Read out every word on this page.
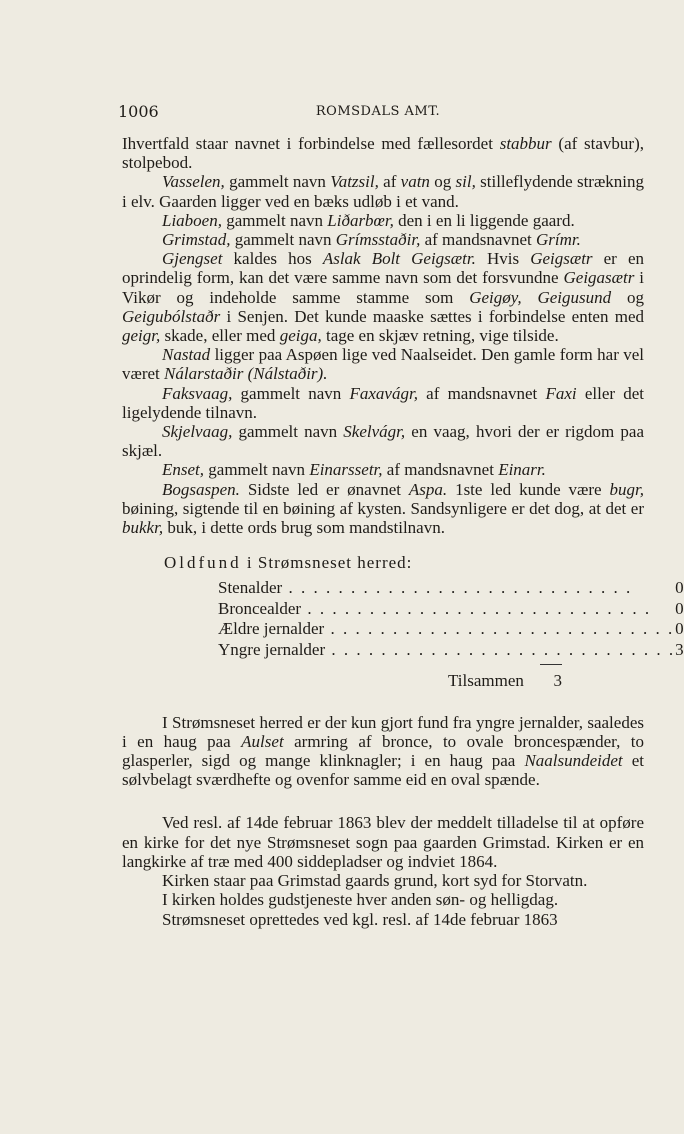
1006	ROMSDALS AMT.

Ihvertfald staar navnet i forbindelse med fællesordet stabbur (af stavbur), stolpebod.

Vasselen, gammelt navn Vatzsil, af vatn og sil, stilleflydende strækning i elv. Gaarden ligger ved en bæks udløb i et vand.

Liaboen, gammelt navn Liðarbœr, den i en li liggende gaard.

Grimstad, gammelt navn Grímsstaðir, af mandsnavnet Grímr.

Gjengset kaldes hos Aslak Bolt Geigsætr. Hvis Geigsætr er en oprindelig form, kan det være samme navn som det forsvundne Geigasætr i Vikør og indeholde samme stamme som Geigøy, Geigusund og Geigubólstaðr i Senjen. Det kunde maaske sættes i forbindelse enten med geigr, skade, eller med geiga, tage en skjæv retning, vige tilside.

Nastad ligger paa Aspøen lige ved Naalseidet. Den gamle form har vel været Nálarstaðir (Nálstaðir).

Faksvaag, gammelt navn Faxavágr, af mandsnavnet Faxi eller det ligelydende tilnavn.

Skjelvaag, gammelt navn Skelvágr, en vaag, hvori der er rigdom paa skjæl.

Enset, gammelt navn Einarssetr, af mandsnavnet Einarr.

Bogsaspen. Sidste led er ønavnet Aspa. 1ste led kunde være bugr, bøining, sigtende til en bøining af kysten. Sandsynligere er det dog, at det er bukkr, buk, i dette ords brug som mandstilnavn.

Oldfund i Strømsneset herred:
Stenalder . . .	0
Broncealder . . .	0
Ældre jernalder . . .	0
Yngre jernalder . . .	3
Tilsammen 3

I Strømsneset herred er der kun gjort fund fra yngre jernalder, saaledes i en haug paa Aulset armring af bronce, to ovale broncespænder, to glasperler, sigd og mange klinknagler; i en haug paa Naalsundeidet et sølvbelagt sværdhefte og ovenfor samme eid en oval spænde.

Ved resl. af 14de februar 1863 blev der meddelt tilladelse til at opføre en kirke for det nye Strømsneset sogn paa gaarden Grimstad. Kirken er en langkirke af træ med 400 siddepladser og indviet 1864.

Kirken staar paa Grimstad gaards grund, kort syd for Storvatn.

I kirken holdes gudstjeneste hver anden søn- og helligdag.

Strømsneset oprettedes ved kgl. resl. af 14de februar 1863
